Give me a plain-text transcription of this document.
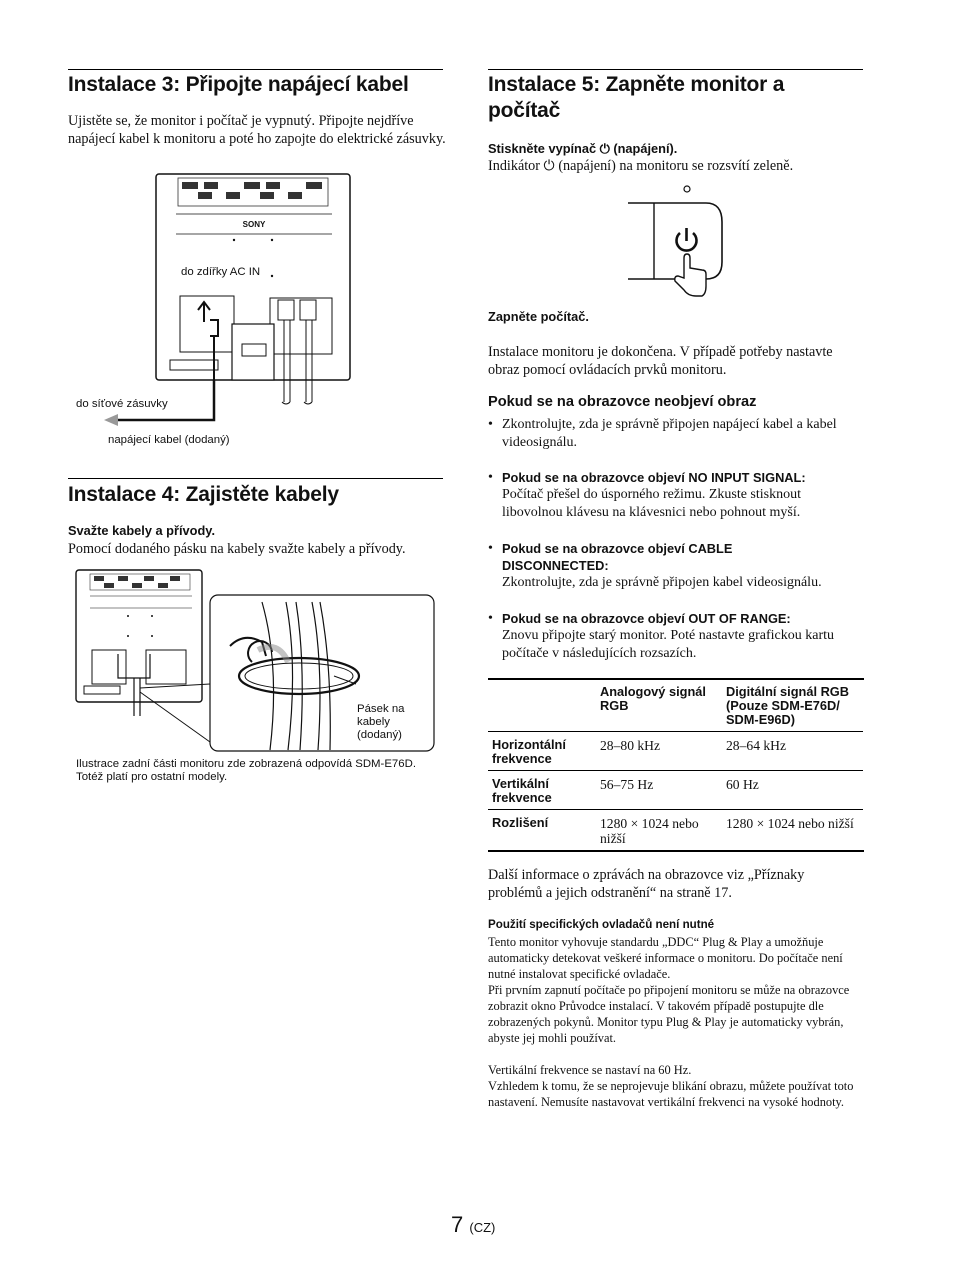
Instalace 3: Připojte napájecí kabel
Ujistěte se, že monitor i počítač je vypnutý. Připojte nejdříve napájecí kabel k monitoru a poté ho zapojte do elektrické zásuvky.
SONY
do zdířky AC IN
do síťové zásuvky
napájecí kabel (dodaný)
Instalace 4: Zajistěte kabely
Svažte kabely a přívody.
Pomocí dodaného pásku na kabely svažte kabely a přívody.
Pásek na kabely (dodaný)
Ilustrace zadní části monitoru zde zobrazená odpovídá SDM-E76D. Totéž platí pro ostatní modely.
Instalace 5: Zapněte monitor a počítač
Stiskněte vypínač ⏻ (napájení).
Indikátor ⏻ (napájení) na monitoru se rozsvítí zeleně.
Zapněte počítač.
Instalace monitoru je dokončena. V případě potřeby nastavte obraz pomocí ovládacích prvků monitoru.
Pokud se na obrazovce neobjeví obraz
• Zkontrolujte, zda je správně připojen napájecí kabel a kabel videosignálu.
• Pokud se na obrazovce objeví NO INPUT SIGNAL:
Počítač přešel do úsporného režimu. Zkuste stisknout libovolnou klávesu na klávesnici nebo pohnout myší.
• Pokud se na obrazovce objeví CABLE DISCONNECTED:
Zkontrolujte, zda je správně připojen kabel videosignálu.
• Pokud se na obrazovce objeví OUT OF RANGE:
Znovu připojte starý monitor. Poté nastavte grafickou kartu počítače v následujících rozsazích.

	Analogový signál RGB	Digitální signál RGB (Pouze SDM-E76D/ SDM-E96D)

Horizontální frekvence	28–80 kHz	28–64 kHz

Vertikální frekvence	56–75 Hz	60 Hz

Rozlišení	1280 × 1024 nebo nižší	1280 × 1024 nebo nižší
Další informace o zprávách na obrazovce viz „Příznaky problémů a jejich odstranění“ na straně 17.
Použití specifických ovladačů není nutné
Tento monitor vyhovuje standardu „DDC“ Plug & Play a umožňuje automaticky detekovat veškeré informace o monitoru. Do počítače není nutné instalovat specifické ovladače.
Při prvním zapnutí počítače po připojení monitoru se může na obrazovce zobrazit okno Průvodce instalací. V takovém případě postupujte dle zobrazených pokynů. Monitor typu Plug & Play je automaticky vybrán, abyste jej mohli používat.
Vertikální frekvence se nastaví na 60 Hz.
Vzhledem k tomu, že se neprojevuje blikání obrazu, můžete používat toto nastavení. Nemusíte nastavovat vertikální frekvenci na vysoké hodnoty.
7 (CZ)
